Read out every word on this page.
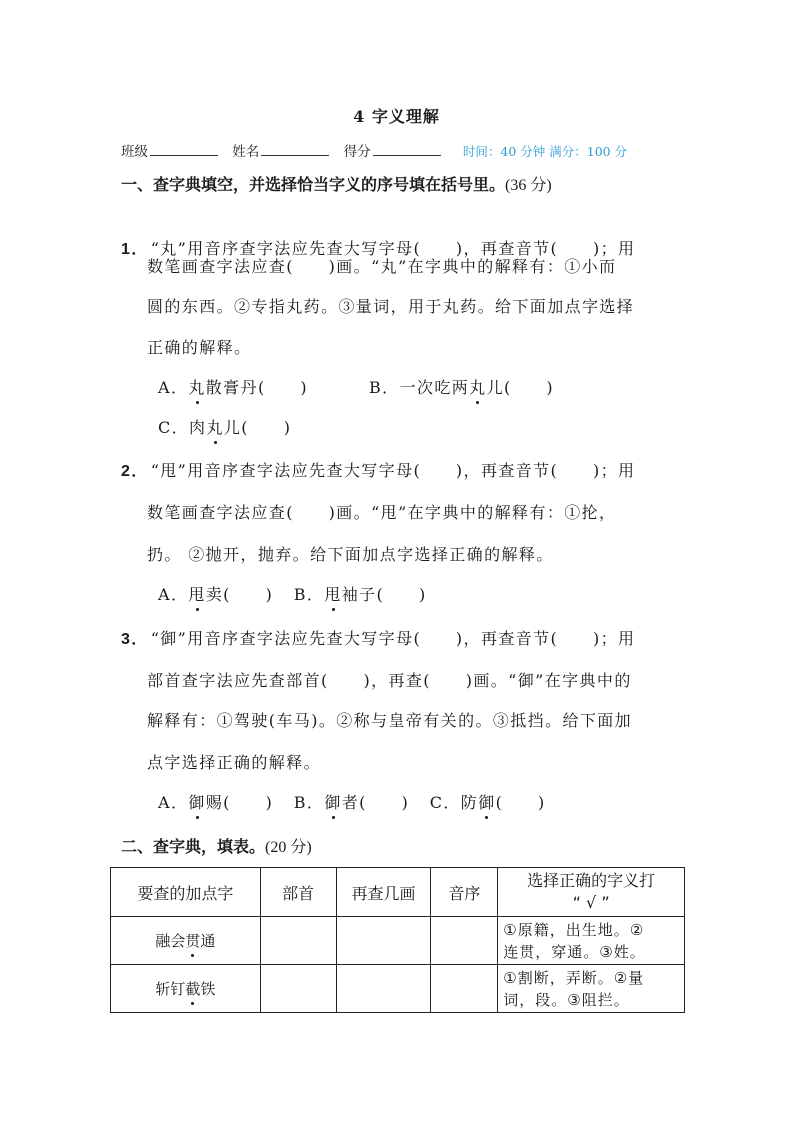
4 字义理解
班级	姓名	得分	时间：40 分钟 满分：100 分
一、查字典填空，并选择恰当字义的序号填在括号里。(36 分)
1． “丸”用音序查字法应先查大写字母(　　)，再查音节(　　)；用
数笔画查字法应查(　　)画。“丸”在字典中的解释有：①小而
圆的东西。②专指丸药。③量词，用于丸药。给下面加点字选择
正确的解释。
A．丸散膏丹(　　)	B．一次吃两丸儿(　　)
C．肉丸儿(　　)
2． “甩”用音序查字法应先查大写字母(　　)，再查音节(　　)；用
数笔画查字法应查(　　)画。“甩”在字典中的解释有：①抡，
扔。 ②抛开，抛弃。给下面加点字选择正确的解释。
A．甩卖(　　) B．甩袖子(　　)
3． “御”用音序查字法应先查大写字母(　　)，再查音节(　　)；用
部首查字法应先查部首(　　)，再查(　　)画。“御”在字典中的
解释有：①驾驶(车马)。②称与皇帝有关的。③抵挡。给下面加
点字选择正确的解释。
A．御赐(　　) B．御者(　　) C．防御(　　)
二、查字典，填表。(20 分)
要查的加点字	部首	再查几画	音序	选择正确的字义打
“ √ ”

融会贯通				①原籍，出生地。②
连贯，穿通。③姓。

斩钉截铁				①割断，弄断。②量
词，段。③阻拦。
